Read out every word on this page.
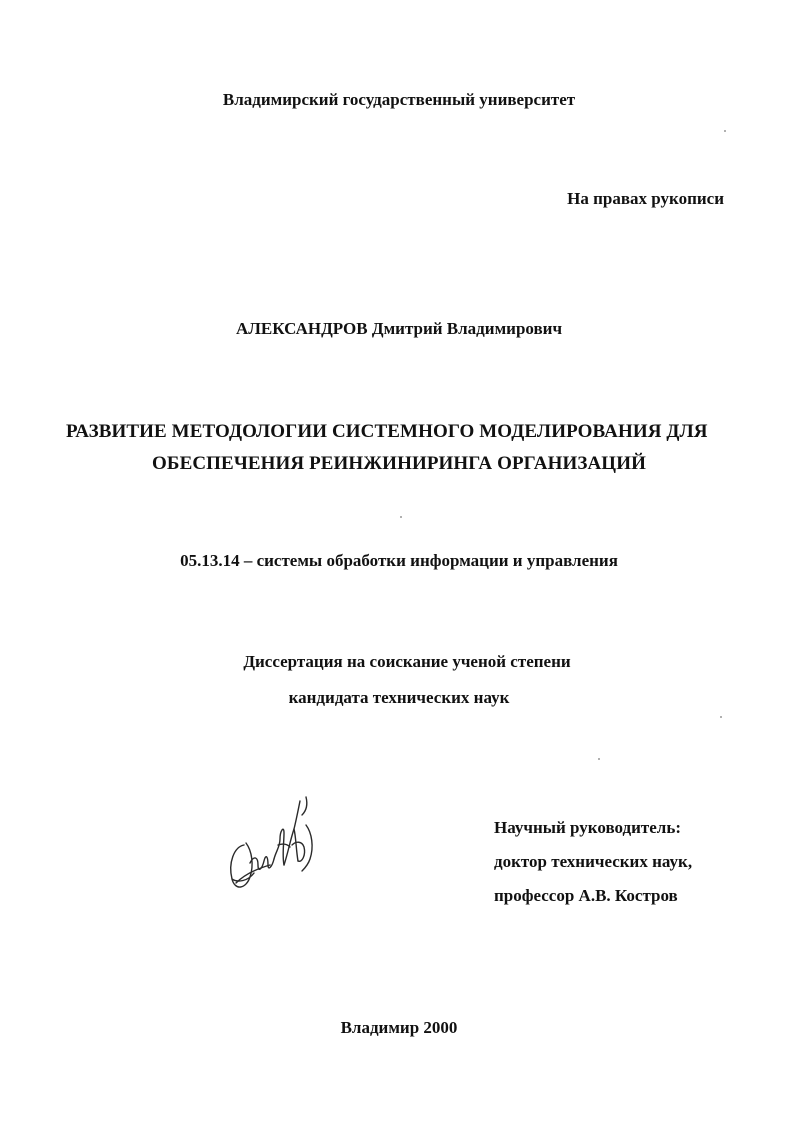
Владимирский государственный университет
На правах рукописи
АЛЕКСАНДРОВ Дмитрий Владимирович
РАЗВИТИЕ МЕТОДОЛОГИИ СИСТЕМНОГО МОДЕЛИРОВАНИЯ ДЛЯ
ОБЕСПЕЧЕНИЯ РЕИНЖИНИРИНГА ОРГАНИЗАЦИЙ
05.13.14 – системы обработки информации и управления
Диссертация на соискание ученой степени
кандидата технических наук
Научный руководитель:
доктор технических наук,
профессор А.В. Костров
Владимир 2000
